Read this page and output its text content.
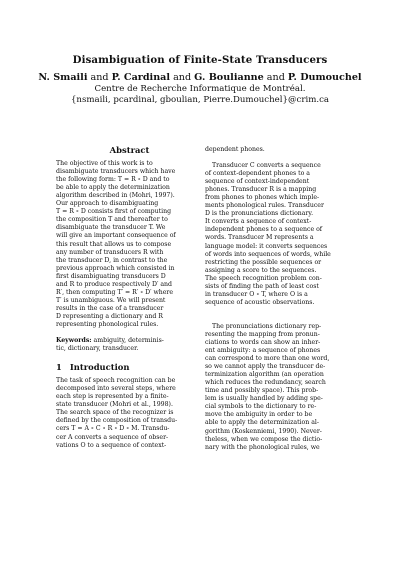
Disambiguation of Finite-State Transducers
N. Smaili and P. Cardinal and G. Boulianne and P. Dumouchel
Centre de Recherche Informatique de Montréal.
{nsmaili, pcardinal, gboulian, Pierre.Dumouchel}@crim.ca
Abstract
The objective of this work is to
disambiguate transducers which have
the following form: T = R ∘ D and to
be able to apply the determinization
algorithm described in (Mohri, 1997).
Our approach to disambiguating
T = R ∘ D consists first of computing
the composition T and thereafter to
disambiguate the transducer T. We
will give an important consequence of
this result that allows us to compose
any number of transducers R with
the transducer D, in contrast to the
previous approach which consisted in
first disambiguating transducers D
and R to produce respectively D′ and
R′, then computing T′ = R′ ∘ D′ where
T′ is unambiguous. We will present
results in the case of a transducer
D representing a dictionary and R
representing phonological rules.
Keywords: ambiguity, determinis-
tic, dictionary, transducer.
1 Introduction
The task of speech recognition can be
decomposed into several steps, where
each step is represented by a finite-
state transducer (Mohri et al., 1998).
The search space of the recognizer is
defined by the composition of transdu-
cers T = A ∘ C ∘ R ∘ D ∘ M. Transdu-
cer A converts a sequence of obser-
vations O to a sequence of context-
dependent phones.
Transducer C converts a sequence
of context-dependent phones to a
sequence of context-independent
phones. Transducer R is a mapping
from phones to phones which imple-
ments phonological rules. Transducer
D is the pronunciations dictionary.
It converts a sequence of context-
independent phones to a sequence of
words. Transducer M represents a
language model: it converts sequences
of words into sequences of words, while
restricting the possible sequences or
assigning a score to the sequences.
The speech recognition problem con-
sists of finding the path of least cost
in transducer O ∘ T, where O is a
sequence of acoustic observations.
The pronunciations dictionary rep-
resenting the mapping from pronun-
ciations to words can show an inher-
ent ambiguity: a sequence of phones
can correspond to more than one word,
so we cannot apply the transducer de-
terminization algorithm (an operation
which reduces the redundancy, search
time and possibly space). This prob-
lem is usually handled by adding spe-
cial symbols to the dictionary to re-
move the ambiguity in order to be
able to apply the determinization al-
gorithm (Koskenniemi, 1990). Never-
theless, when we compose the dictio-
nary with the phonological rules, we
